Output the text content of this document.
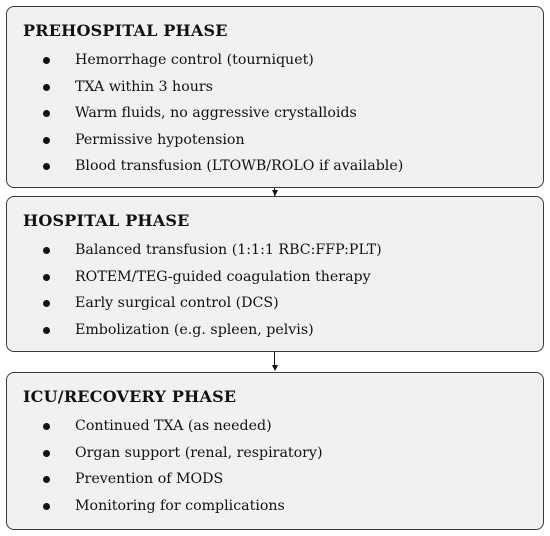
PREHOSPITAL PHASE
Hemorrhage control (tourniquet)
TXA within 3 hours
Warm fluids, no aggressive crystalloids
Permissive hypotension
Blood transfusion (LTOWB/ROLO if available)
HOSPITAL PHASE
Balanced transfusion (1:1:1 RBC:FFP:PLT)
ROTEM/TEG-guided coagulation therapy
Early surgical control (DCS)
Embolization (e.g. spleen, pelvis)
ICU/RECOVERY PHASE
Continued TXA (as needed)
Organ support (renal, respiratory)
Prevention of MODS
Monitoring for complications
